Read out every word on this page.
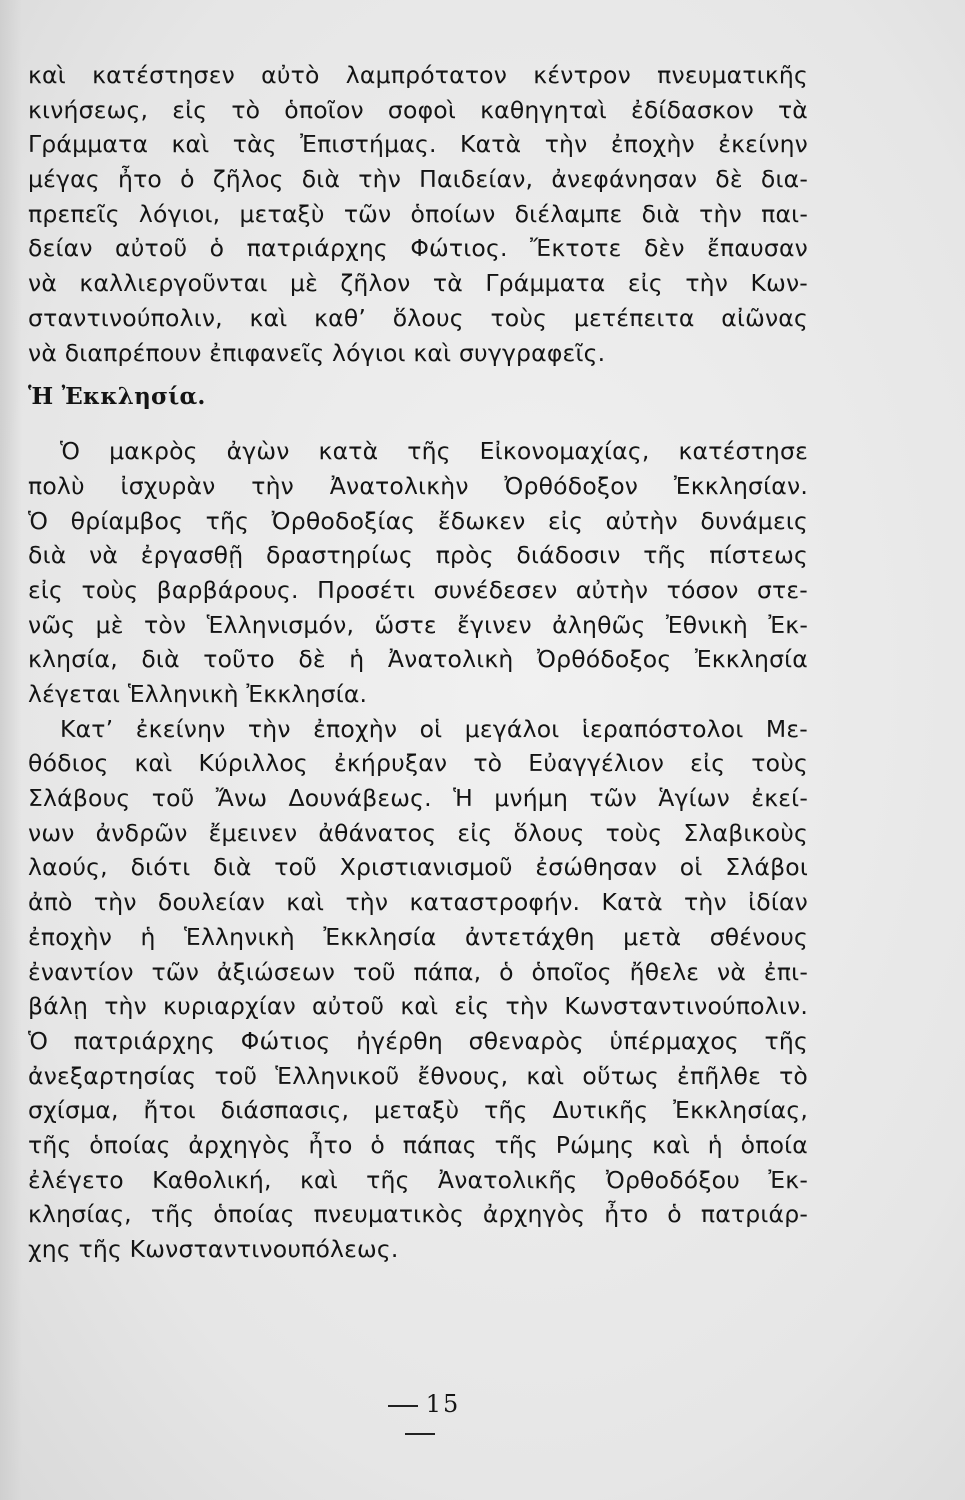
καὶ κατέστησεν αὐτὸ λαμπρότατον κέντρον πνευματικῆς
κινήσεως, εἰς τὸ ὁποῖον σοφοὶ καθηγηταὶ ἐδίδασκον τὰ
Γράμματα καὶ τὰς Ἐπιστήμας. Κατὰ τὴν ἐποχὴν ἐκείνην
μέγας ἦτο ὁ ζῆλος διὰ τὴν Παιδείαν, ἀνεφάνησαν δὲ δια-
πρεπεῖς λόγιοι, μεταξὺ τῶν ὁποίων διέλαμπε διὰ τὴν παι-
δείαν αὐτοῦ ὁ πατριάρχης Φώτιος. Ἔκτοτε δὲν ἔπαυσαν
νὰ καλλιεργοῦνται μὲ ζῆλον τὰ Γράμματα εἰς τὴν Κων-
σταντινούπολιν, καὶ καθ’ ὅλους τοὺς μετέπειτα αἰῶνας
νὰ διαπρέπουν ἐπιφανεῖς λόγιοι καὶ συγγραφεῖς.
Ἡ Ἐκκλησία.
Ὁ μακρὸς ἀγὼν κατὰ τῆς Εἰκονομαχίας, κατέστησε
πολὺ ἰσχυρὰν τὴν Ἀνατολικὴν Ὀρθόδοξον Ἐκκλησίαν.
Ὁ θρίαμβος τῆς Ὀρθοδοξίας ἔδωκεν εἰς αὐτὴν δυνάμεις
διὰ νὰ ἐργασθῇ δραστηρίως πρὸς διάδοσιν τῆς πίστεως
εἰς τοὺς βαρβάρους. Προσέτι συνέδεσεν αὐτὴν τόσον στε-
νῶς μὲ τὸν Ἑλληνισμόν, ὥστε ἔγινεν ἀληθῶς Ἐθνικὴ Ἐκ-
κλησία, διὰ τοῦτο δὲ ἡ Ἀνατολικὴ Ὀρθόδοξος Ἐκκλησία
λέγεται Ἑλληνικὴ Ἐκκλησία.
Κατ’ ἐκείνην τὴν ἐποχὴν οἱ μεγάλοι ἱεραπόστολοι Με-
θόδιος καὶ Κύριλλος ἐκήρυξαν τὸ Εὐαγγέλιον εἰς τοὺς
Σλάβους τοῦ Ἄνω Δουνάβεως. Ἡ μνήμη τῶν Ἁγίων ἐκεί-
νων ἀνδρῶν ἔμεινεν ἀθάνατος εἰς ὅλους τοὺς Σλαβικοὺς
λαούς, διότι διὰ τοῦ Χριστιανισμοῦ ἐσώθησαν οἱ Σλάβοι
ἀπὸ τὴν δουλείαν καὶ τὴν καταστροφήν. Κατὰ τὴν ἰδίαν
ἐποχὴν ἡ Ἑλληνικὴ Ἐκκλησία ἀντετάχθη μετὰ σθένους
ἐναντίον τῶν ἀξιώσεων τοῦ πάπα, ὁ ὁποῖος ἤθελε νὰ ἐπι-
βάλῃ τὴν κυριαρχίαν αὐτοῦ καὶ εἰς τὴν Κωνσταντινούπολιν.
Ὁ πατριάρχης Φώτιος ἠγέρθη σθεναρὸς ὑπέρμαχος τῆς
ἀνεξαρτησίας τοῦ Ἑλληνικοῦ ἔθνους, καὶ οὕτως ἐπῆλθε τὸ
σχίσμα, ἤτοι διάσπασις, μεταξὺ τῆς Δυτικῆς Ἐκκλησίας,
τῆς ὁποίας ἀρχηγὸς ἦτο ὁ πάπας τῆς Ρώμης καὶ ἡ ὁποία
ἐλέγετο Καθολική, καὶ τῆς Ἀνατολικῆς Ὀρθοδόξου Ἐκ-
κλησίας, τῆς ὁποίας πνευματικὸς ἀρχηγὸς ἦτο ὁ πατριάρ-
χης τῆς Κωνσταντινουπόλεως.
15
